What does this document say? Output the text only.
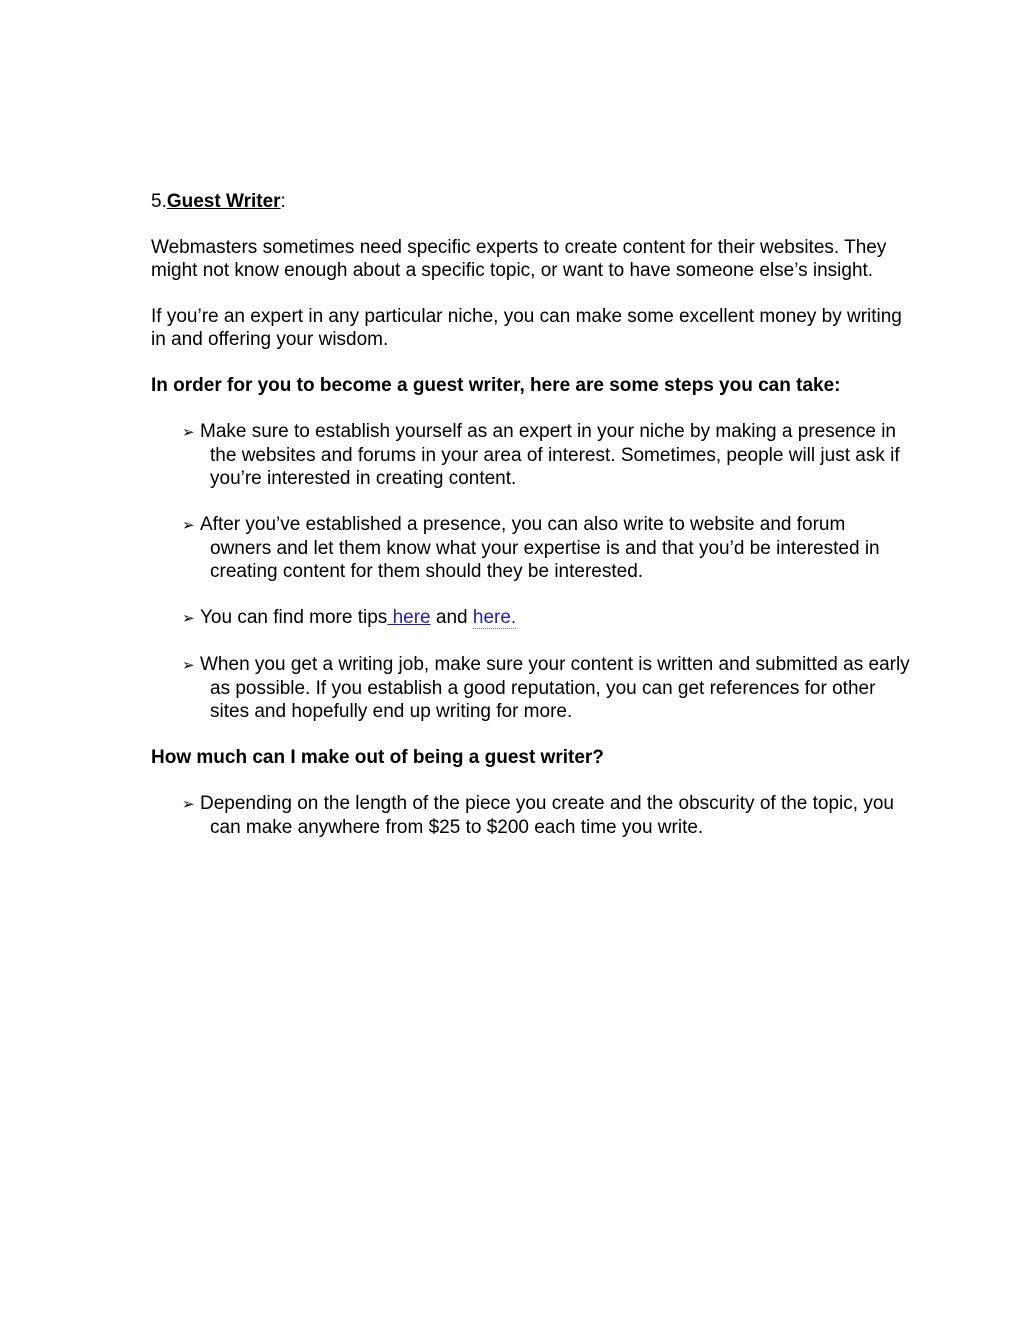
5.Guest Writer:

Webmasters sometimes need specific experts to create content for their websites. They might not know enough about a specific topic, or want to have someone else’s insight.

If you’re an expert in any particular niche, you can make some excellent money by writing in and offering your wisdom.

In order for you to become a guest writer, here are some steps you can take:

➢ Make sure to establish yourself as an expert in your niche by making a presence in the websites and forums in your area of interest. Sometimes, people will just ask if you’re interested in creating content.
➢ After you’ve established a presence, you can also write to website and forum owners and let them know what your expertise is and that you’d be interested in creating content for them should they be interested.
➢ You can find more tips here and here.
➢ When you get a writing job, make sure your content is written and submitted as early as possible. If you establish a good reputation, you can get references for other sites and hopefully end up writing for more.

How much can I make out of being a guest writer?

➢ Depending on the length of the piece you create and the obscurity of the topic, you can make anywhere from $25 to $200 each time you write.
